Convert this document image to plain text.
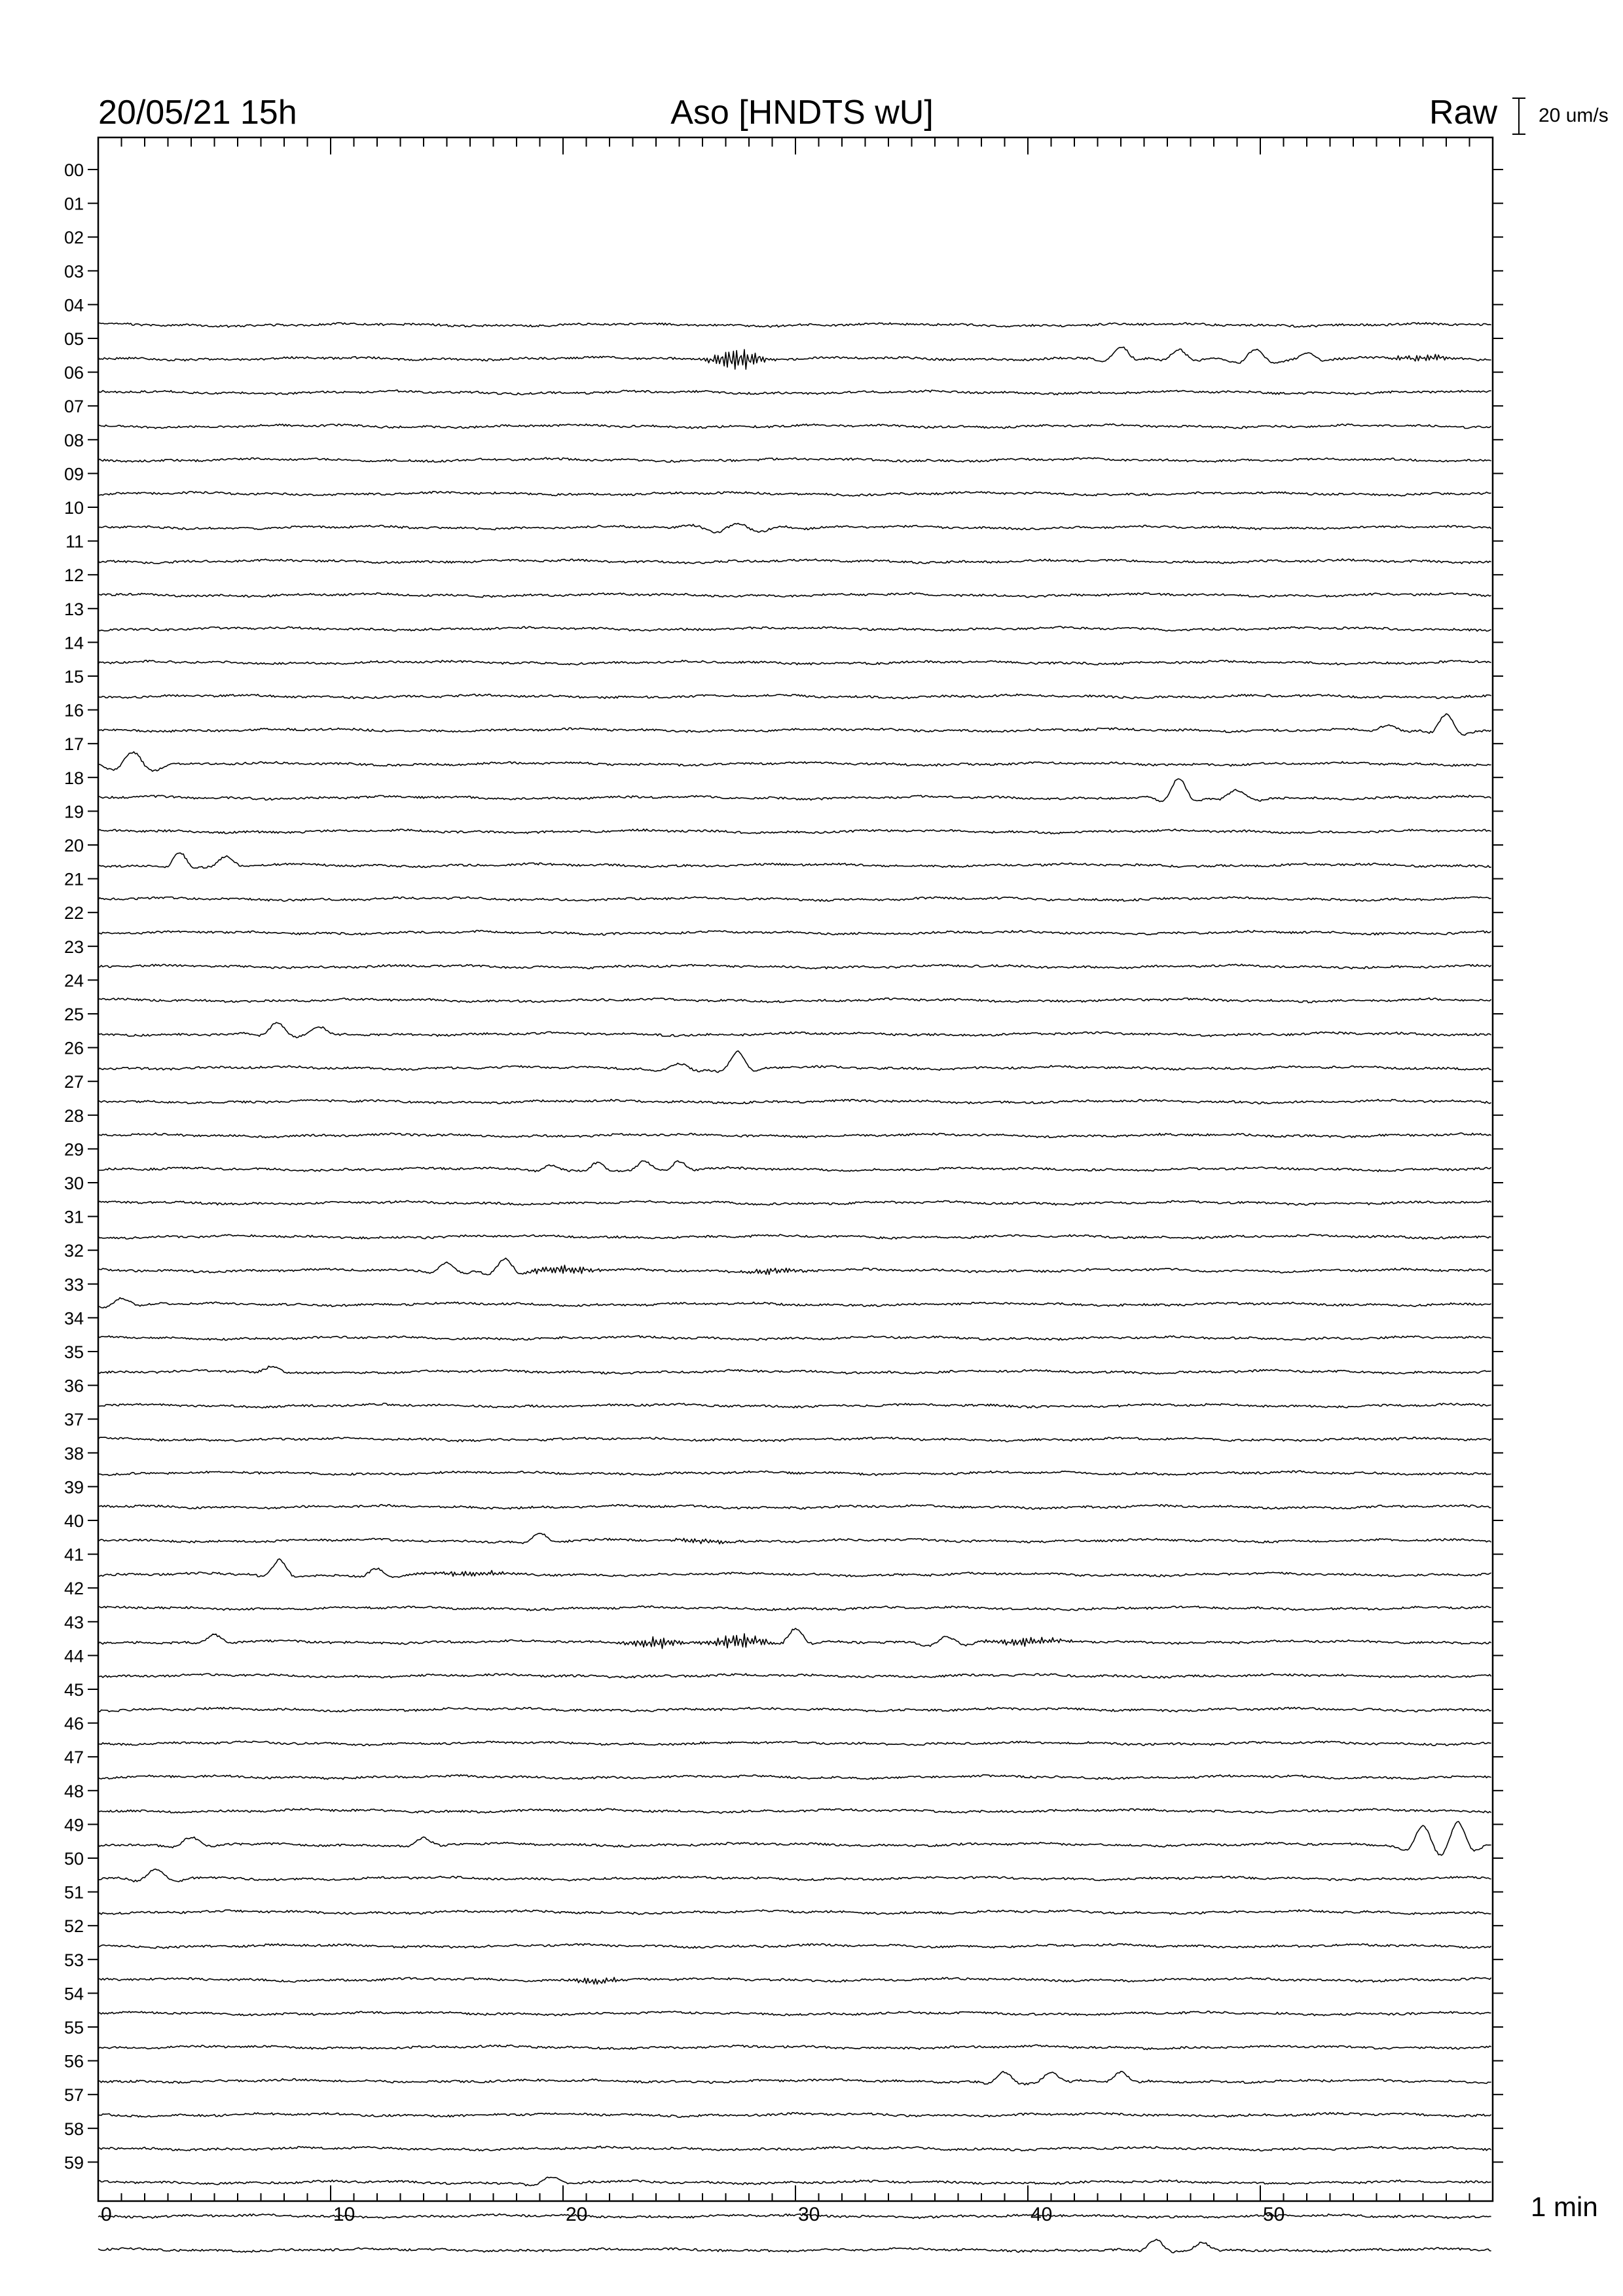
00
01
02
03
04
05
06
07
08
09
10
11
12
13
14
15
16
17
18
19
20
21
22
23
24
25
26
27
28
29
30
31
32
33
34
35
36
37
38
39
40
41
42
43
44
45
46
47
48
49
50
51
52
53
54
55
56
57
58
59
0	10	20	30	40	50
20/05/21 15h	Aso [HNDTS wU]	Raw 20 um/s
1 min
